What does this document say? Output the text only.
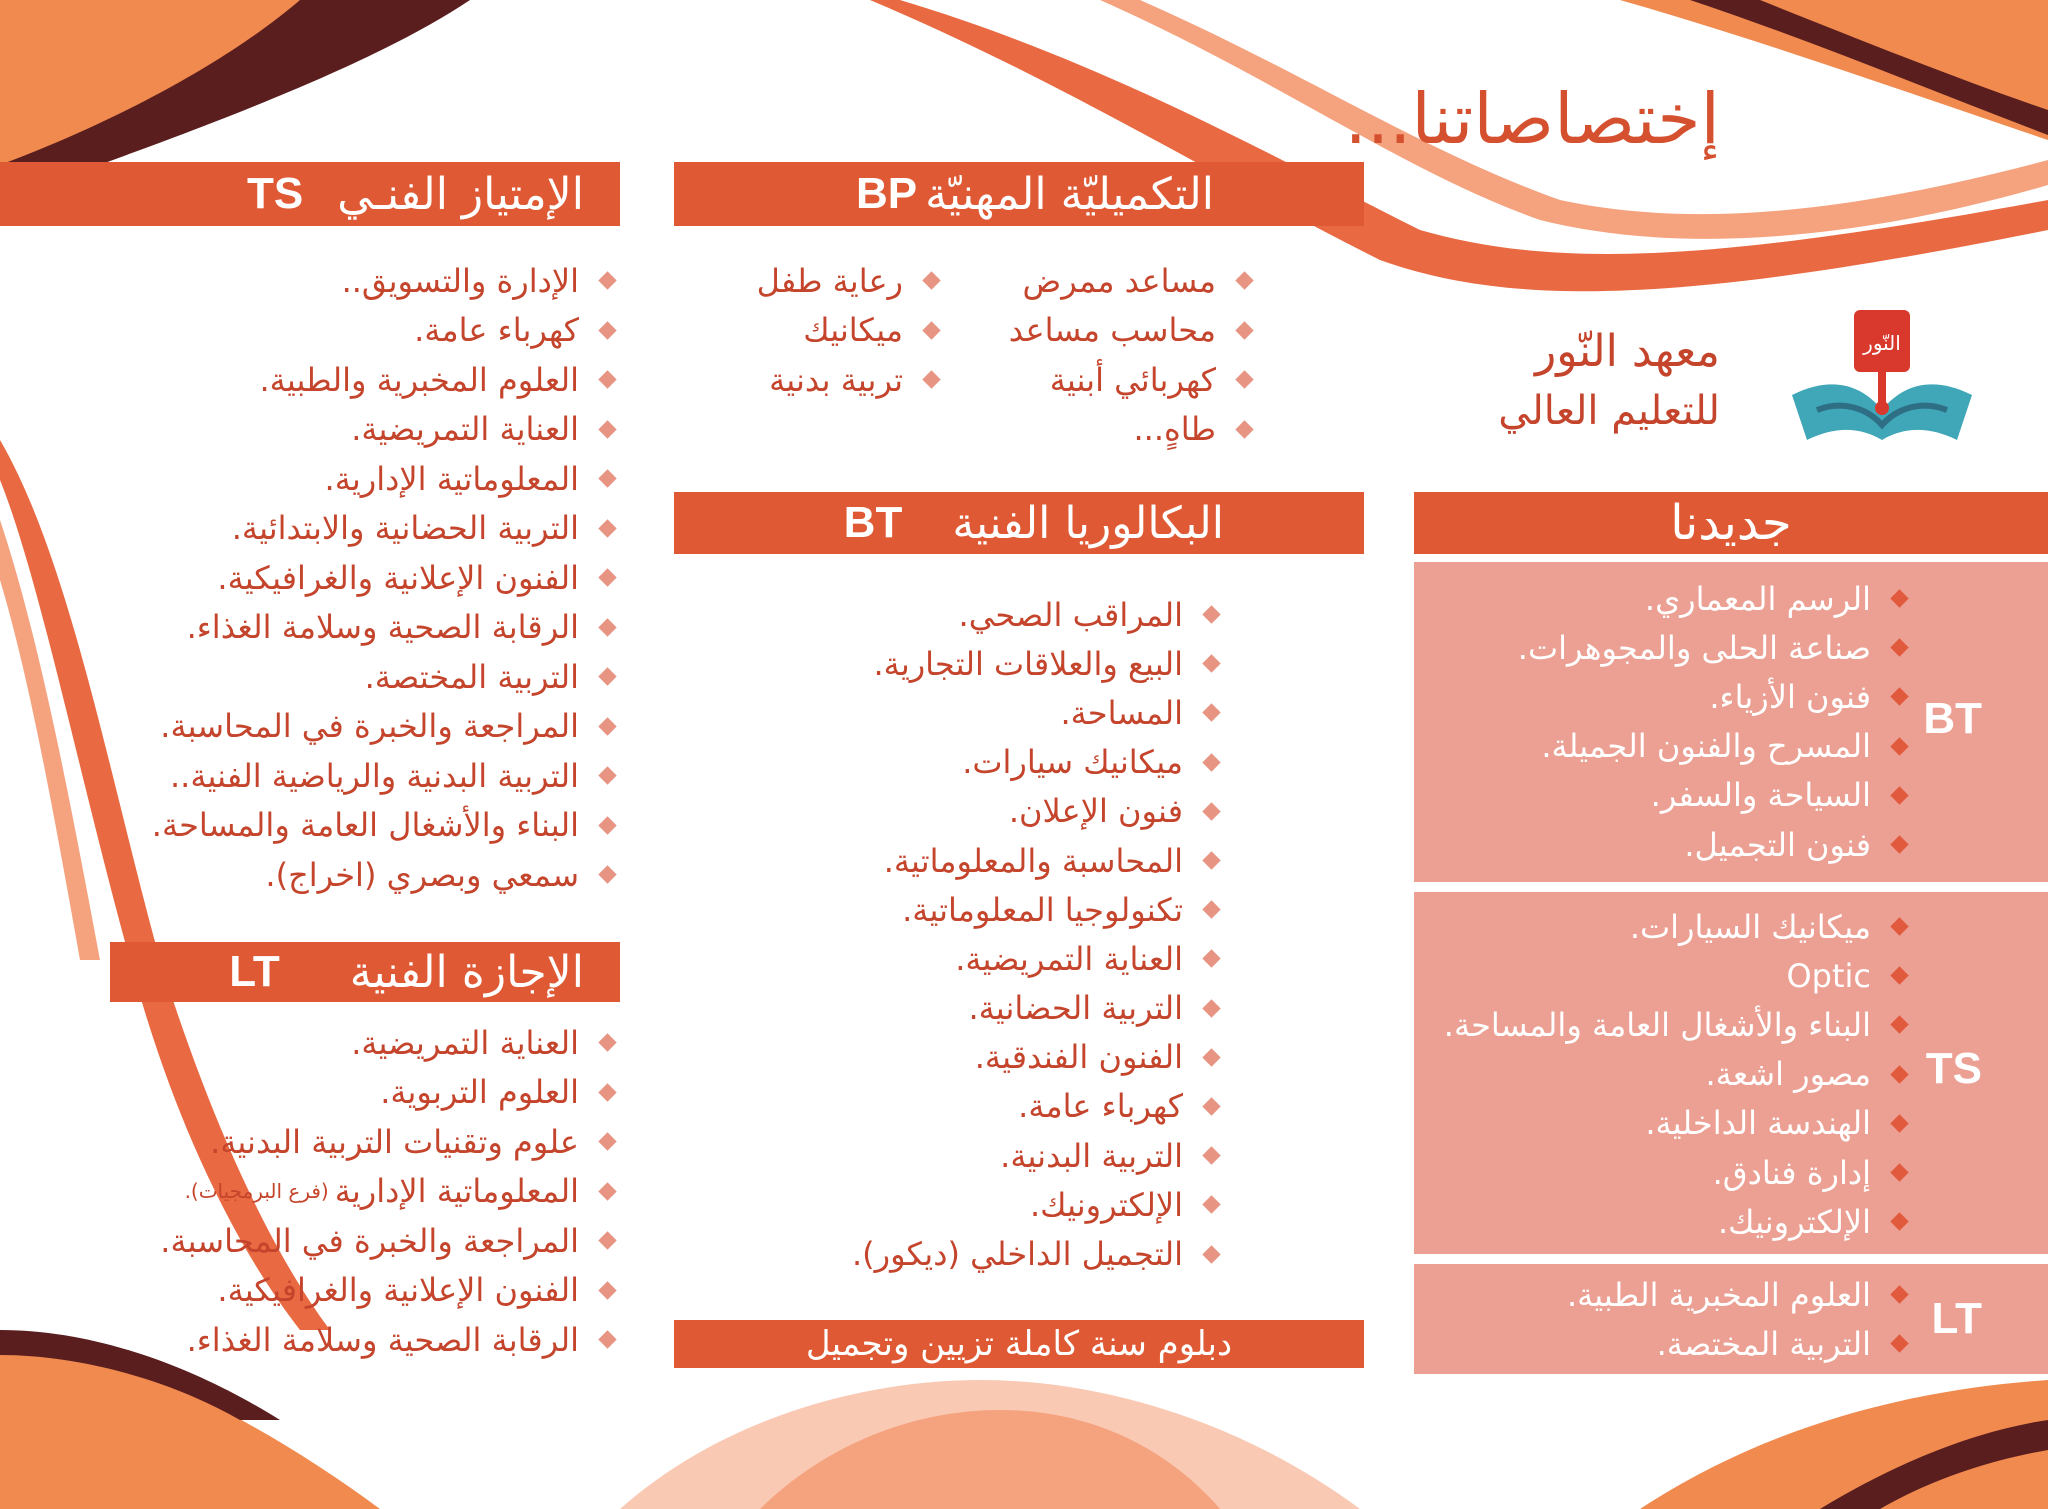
إختصاصاتنا...
النّور
معهد النّور
للتعليم العالي
الإمتياز الفنـي
TS
الإدارة والتسويق..
كهرباء عامة.
العلوم المخبرية والطبية.
العناية التمريضية.
المعلوماتية الإدارية.
التربية الحضانية والابتدائية.
الفنون الإعلانية والغرافيكية.
الرقابة الصحية وسلامة الغذاء.
التربية المختصة.
المراجعة والخبرة في المحاسبة.
التربية البدنية والرياضية الفنية..
البناء والأشغال العامة والمساحة.
سمعي وبصري (اخراج).
الإجازة الفنية
LT
العناية التمريضية.
العلوم التربوية.
علوم وتقنيات التربية البدنية.
المعلوماتية الإدارية
(فرع البرمجيات).
المراجعة والخبرة في المحاسبة.
الفنون الإعلانية والغرافيكية.
الرقابة الصحية وسلامة الغذاء.
التكميليّة المهنيّة
BP
مساعد ممرض
محاسب مساعد
كهربائي أبنية
طاهٍ...
رعاية طفل
ميكانيك
تربية بدنية
البكالوريا الفنية
BT
المراقب الصحي.
البيع والعلاقات التجارية.
المساحة.
ميكانيك سيارات.
فنون الإعلان.
المحاسبة والمعلوماتية.
تكنولوجيا المعلوماتية.
العناية التمريضية.
التربية الحضانية.
الفنون الفندقية.
كهرباء عامة.
التربية البدنية.
الإلكترونيك.
التجميل الداخلي (ديكور).
دبلوم سنة كاملة تزيين وتجميل
جديدنا
BT
الرسم المعماري.
صناعة الحلى والمجوهرات.
فنون الأزياء.
المسرح والفنون الجميلة.
السياحة والسفر.
فنون التجميل.
TS
ميكانيك السيارات.
Optic
البناء والأشغال العامة والمساحة.
مصور اشعة.
الهندسة الداخلية.
إدارة فنادق.
الإلكترونيك.
LT
العلوم المخبرية الطبية.
التربية المختصة.
